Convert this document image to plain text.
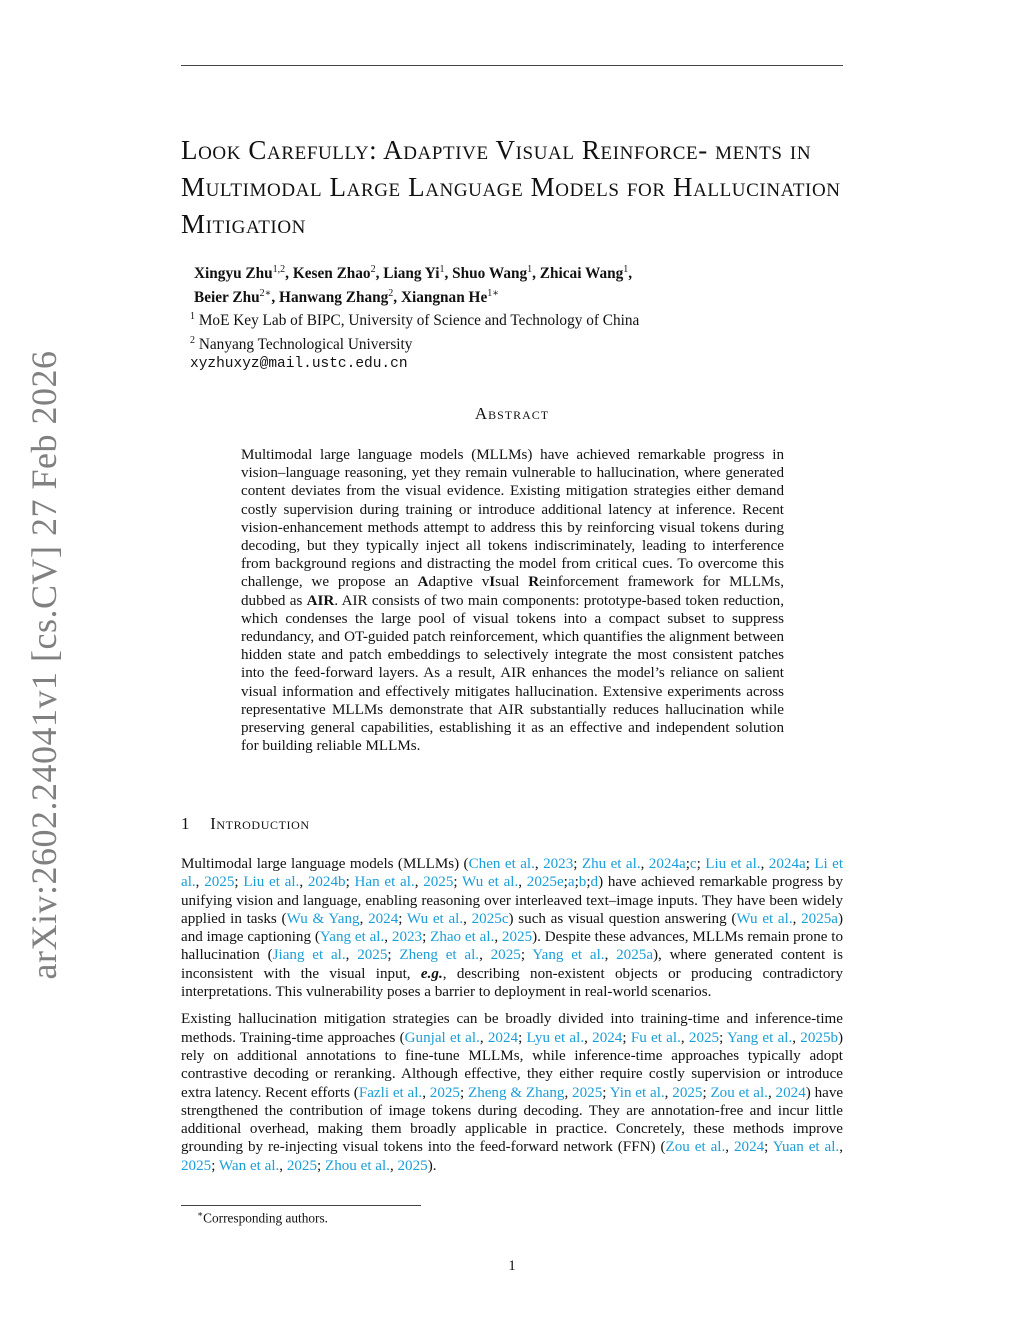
arXiv:2602.24041v1 [cs.CV] 27 Feb 2026
Look Carefully: Adaptive Visual Reinforce- ments in Multimodal Large Language Models for Hallucination Mitigation
Xingyu Zhu$^{1,2}$, Kesen Zhao$^2$, Liang Yi$^1$, Shuo Wang$^1$, Zhicai Wang$^1$,
Beier Zhu$^{2∗}$, Hanwang Zhang$^2$, Xiangnan $He^{1∗}$
$^1$ MoE Key Lab of BIPC, University of Science and Technology of China
$^2$ Nanyang Technological University
xyzhuxyz@mail.ustc.edu.cn
Abstract
Multimodal large language models (MLLMs) have achieved remarkable progress in vision–language reasoning, yet they remain vulnerable to hallucination, where generated content deviates from the visual evidence. Existing mitigation strategies either demand costly supervision during training or introduce additional latency at inference. Recent vision-enhancement methods attempt to address this by reinforcing visual tokens during decoding, but they typically inject all tokens indiscriminately, leading to interference from background regions and distracting the model from critical cues. To overcome this challenge, we propose an Adaptive vIsual Reinforcement framework for MLLMs, dubbed as AIR. AIR consists of two main components: prototype-based token reduction, which condenses the large pool of visual tokens into a compact subset to suppress redundancy, and OT-guided patch reinforcement, which quantifies the alignment between hidden state and patch embeddings to selectively integrate the most consistent patches into the feed-forward layers. As a result, AIR enhances the model’s reliance on salient visual information and effectively mitigates hallucination. Extensive experiments across representative MLLMs demonstrate that AIR substantially reduces hallucination while preserving general capabilities, establishing it as an effective and independent solution for building reliable MLLMs.
1 Introduction

Multimodal large language models (MLLMs) (Chen et al., 2023; Zhu et al., 2024a;c; Liu et al., 2024a; Li et al., 2025; Liu et al., 2024b; Han et al., 2025; Wu et al., 2025e;a;b;d) have achieved remarkable progress by unifying vision and language, enabling reasoning over interleaved text–image inputs. They have been widely applied in tasks (Wu & Yang, 2024; Wu et al., 2025c) such as visual question answering (Wu et al., 2025a) and image captioning (Yang et al., 2023; Zhao et al., 2025). Despite these advances, MLLMs remain prone to hallucination (Jiang et al., 2025; Zheng et al., 2025; Yang et al., 2025a), where generated content is inconsistent with the visual input, e.g., describing non-existent objects or producing contradictory interpretations. This vulnerability poses a barrier to deployment in real-world scenarios.

Existing hallucination mitigation strategies can be broadly divided into training-time and inference-time methods. Training-time approaches (Gunjal et al., 2024; Lyu et al., 2024; Fu et al., 2025; Yang et al., 2025b) rely on additional annotations to fine-tune MLLMs, while inference-time approaches typically adopt contrastive decoding or reranking. Although effective, they either require costly supervision or introduce extra latency. Recent efforts (Fazli et al., 2025; Zheng & Zhang, 2025; Yin et al., 2025; Zou et al., 2024) have strengthened the contribution of image tokens during decoding. They are annotation-free and incur little additional overhead, making them broadly applicable in practice. Concretely, these methods improve grounding by re-injecting visual tokens into the feed-forward network (FFN) (Zou et al., 2024; Yuan et al., 2025; Wan et al., 2025; Zhou et al., 2025).

∗Corresponding authors.
1
